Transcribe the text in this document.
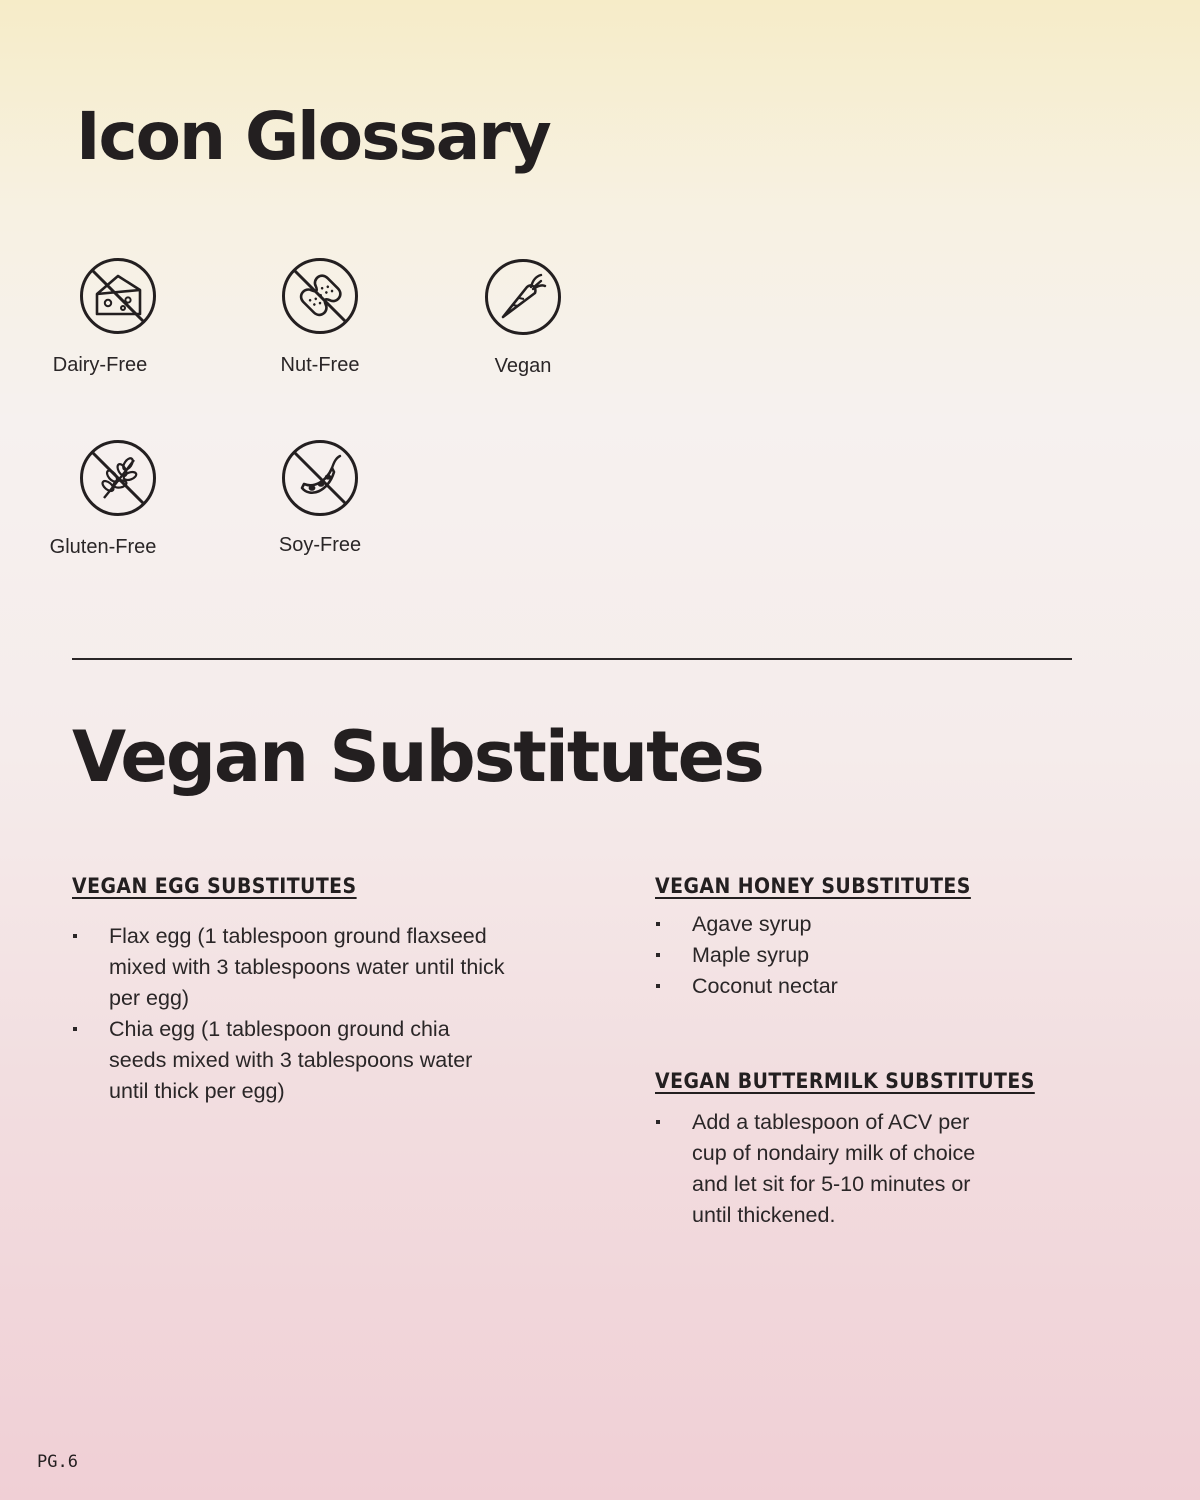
Icon Glossary
Dairy-Free	Nut-Free	Vegan
Gluten-Free	Soy-Free
Vegan Substitutes
VEGAN EGG SUBSTITUTES
Flax egg (1 tablespoon ground flaxseed mixed with 3 tablespoons water until thick per egg)
Chia egg (1 tablespoon ground chia seeds mixed with 3 tablespoons water until thick per egg)
VEGAN HONEY SUBSTITUTES
Agave syrup
Maple syrup
Coconut nectar
VEGAN BUTTERMILK SUBSTITUTES
Add a tablespoon of ACV per cup of nondairy milk of choice and let sit for 5-10 minutes or until thickened.
PG.6
